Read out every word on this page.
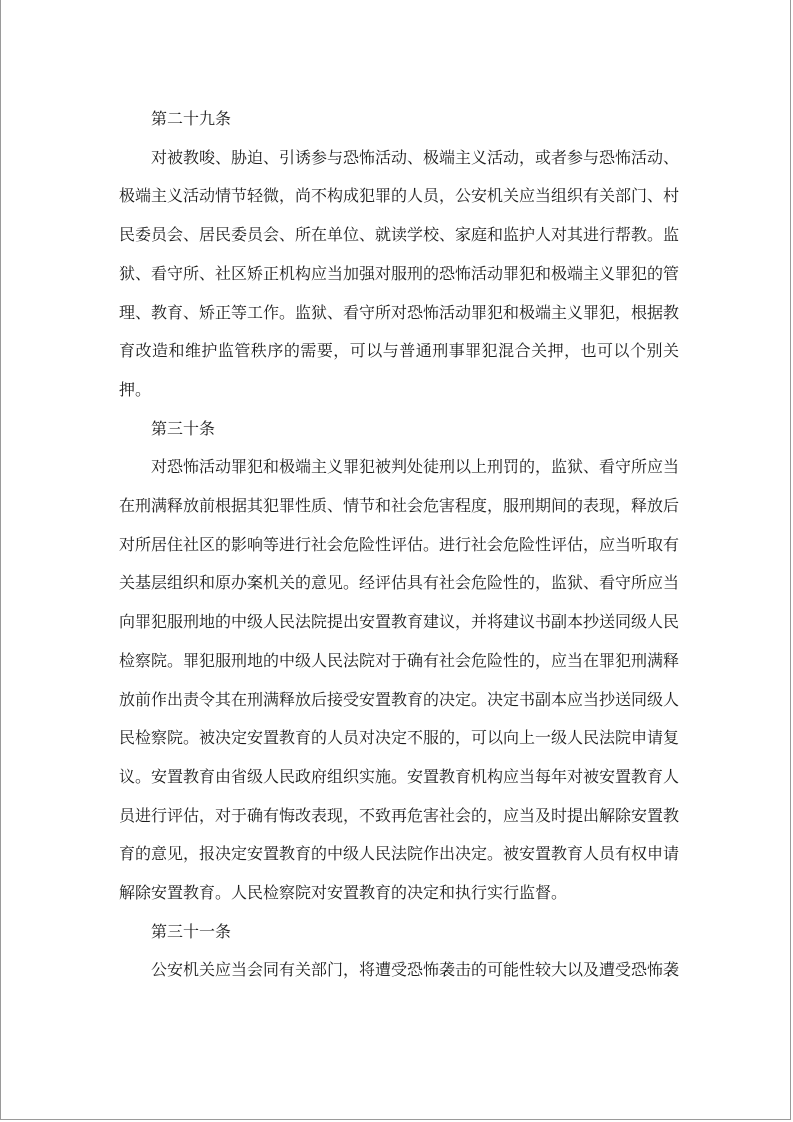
第二十九条

对被教唆、胁迫、引诱参与恐怖活动、极端主义活动，或者参与恐怖活动、极端主义活动情节轻微，尚不构成犯罪的人员，公安机关应当组织有关部门、村民委员会、居民委员会、所在单位、就读学校、家庭和监护人对其进行帮教。监狱、看守所、社区矫正机构应当加强对服刑的恐怖活动罪犯和极端主义罪犯的管理、教育、矫正等工作。监狱、看守所对恐怖活动罪犯和极端主义罪犯，根据教育改造和维护监管秩序的需要，可以与普通刑事罪犯混合关押，也可以个别关押。

第三十条

对恐怖活动罪犯和极端主义罪犯被判处徒刑以上刑罚的，监狱、看守所应当在刑满释放前根据其犯罪性质、情节和社会危害程度，服刑期间的表现，释放后对所居住社区的影响等进行社会危险性评估。进行社会危险性评估，应当听取有关基层组织和原办案机关的意见。经评估具有社会危险性的，监狱、看守所应当向罪犯服刑地的中级人民法院提出安置教育建议，并将建议书副本抄送同级人民检察院。罪犯服刑地的中级人民法院对于确有社会危险性的，应当在罪犯刑满释放前作出责令其在刑满释放后接受安置教育的决定。决定书副本应当抄送同级人民检察院。被决定安置教育的人员对决定不服的，可以向上一级人民法院申请复议。安置教育由省级人民政府组织实施。安置教育机构应当每年对被安置教育人员进行评估，对于确有悔改表现，不致再危害社会的，应当及时提出解除安置教育的意见，报决定安置教育的中级人民法院作出决定。被安置教育人员有权申请解除安置教育。人民检察院对安置教育的决定和执行实行监督。

第三十一条

公安机关应当会同有关部门，将遭受恐怖袭击的可能性较大以及遭受恐怖袭
